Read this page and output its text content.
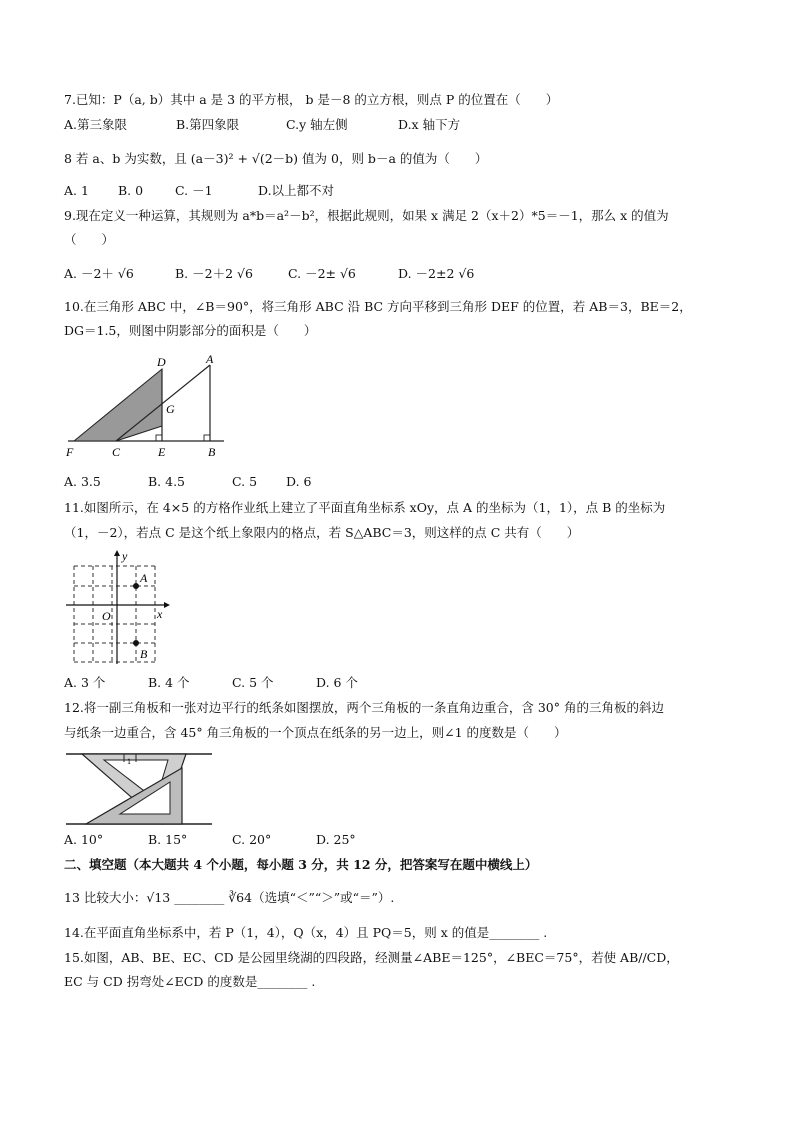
7.已知：P（a, b）其中 a 是 3 的平方根， b 是－8 的立方根，则点 P 的位置在（　　）
A.第三象限	B.第四象限	C.y 轴左侧	D.x 轴下方
8 若 a、b 为实数，且 (a－3)² + √(2－b) 值为 0，则 b－a 的值为（　　）
A. 1 B. 0	C. －1	D.以上都不对
9.现在定义一种运算，其规则为 a*b＝a²－b²，根据此规则，如果 x 满足 2（x＋2）*5＝－1，那么 x 的值为
（　　）
A. －2＋ √6	B. －2＋2 √6	C. －2± √6	D. －2±2 √6
10.在三角形 ABC 中，∠B＝90°，将三角形 ABC 沿 BC 方向平移到三角形 DEF 的位置，若 AB＝3，BE＝2，
DG＝1.5，则图中阴影部分的面积是（　　）
D	A
G
F	C	E	B
A. 3.5	B. 4.5	C. 5 D. 6
11.如图所示，在 4×5 的方格作业纸上建立了平面直角坐标系 xOy，点 A 的坐标为（1，1），点 B 的坐标为
（1，－2），若点 C 是这个纸上象限内的格点，若 S△ABC＝3，则这样的点 C 共有（　　）
y
x
O
A
B
A. 3 个	B. 4 个	C. 5 个	D. 6 个
12.将一副三角板和一张对边平行的纸条如图摆放，两个三角板的一条直角边重合，含 30° 角的三角板的斜边
与纸条一边重合，含 45° 角三角板的一个顶点在纸条的另一边上，则∠1 的度数是（　　）
1
A. 10°	B. 15°	C. 20°	D. 25°
二、填空题（本大题共 4 个小题，每小题 3 分，共 12 分，把答案写在题中横线上）
13 比较大小：√13 ________ ∛64（选填“＜”“＞”或“＝”）.
14.在平面直角坐标系中，若 P（1，4），Q（x，4）且 PQ＝5，则 x 的值是________ .
15.如图，AB、BE、EC、CD 是公园里绕湖的四段路，经测量∠ABE＝125°，∠BEC＝75°，若使 AB//CD，
EC 与 CD 拐弯处∠ECD 的度数是________ .
